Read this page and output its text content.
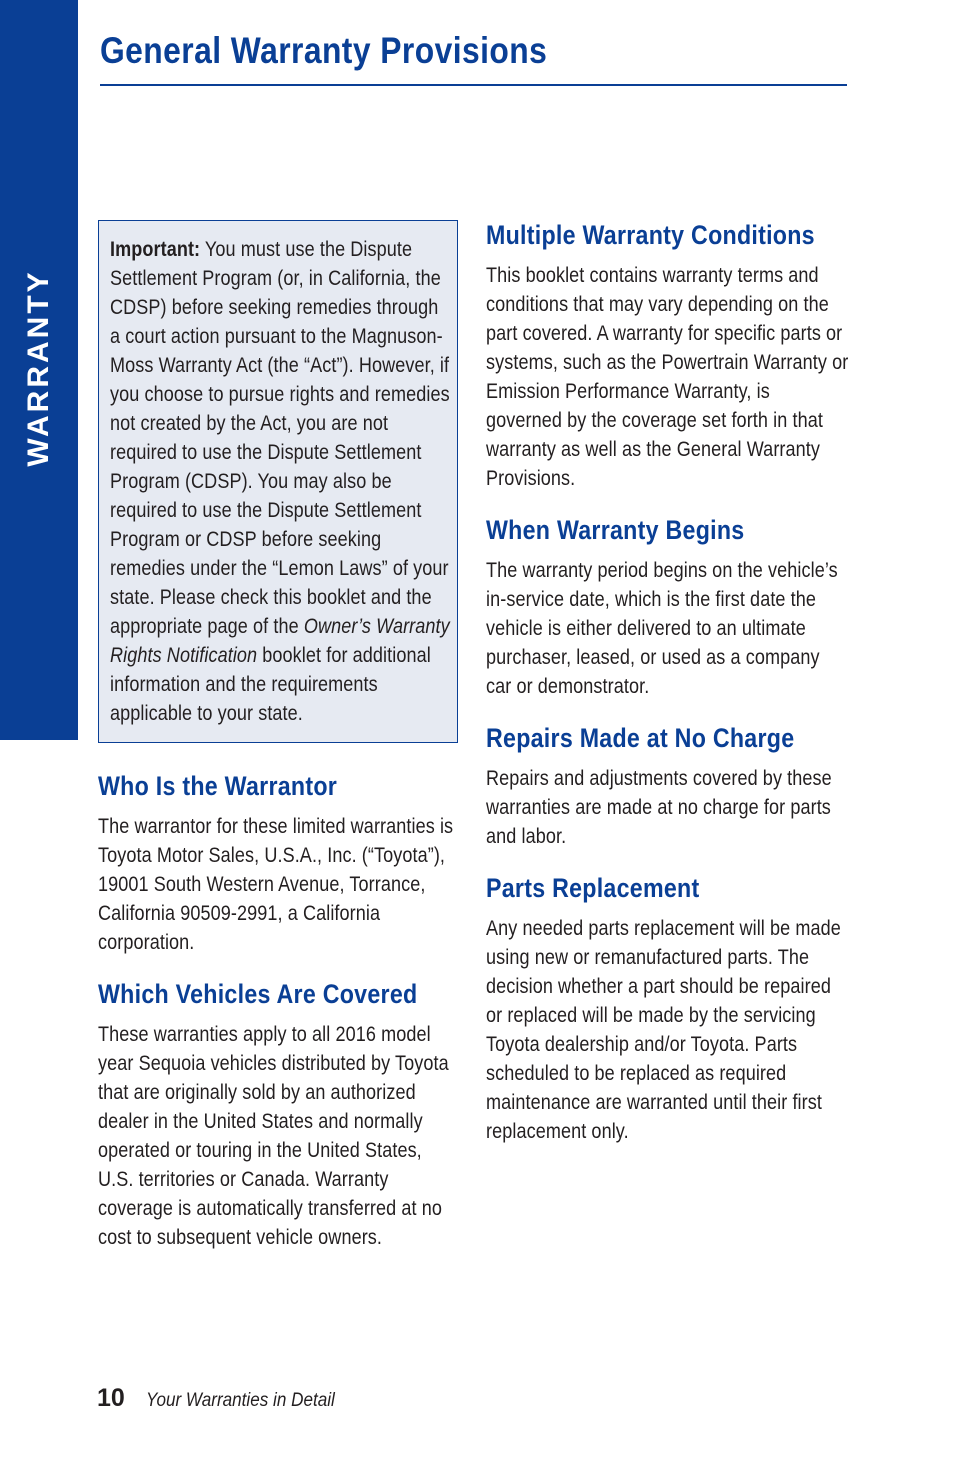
WARRANTY
General Warranty Provisions

Important: You must use the Dispute Settlement Program (or, in California, the CDSP) before seeking remedies through a court action pursuant to the Magnuson-Moss Warranty Act (the “Act”). However, if you choose to pursue rights and remedies not created by the Act, you are not required to use the Dispute Settlement Program (CDSP). You may also be required to use the Dispute Settlement Program or CDSP before seeking remedies under the “Lemon Laws” of your state. Please check this booklet and the appropriate page of the Owner’s Warranty Rights Notification booklet for additional information and the requirements applicable to your state.

Who Is the Warrantor

The warrantor for these limited warranties is Toyota Motor Sales, U.S.A., Inc. (“Toyota”), 19001 South Western Avenue, Torrance, California 90509-2991, a California corporation.

Which Vehicles Are Covered

These warranties apply to all 2016 model year Sequoia vehicles distributed by Toyota that are originally sold by an authorized dealer in the United States and normally operated or touring in the United States, U.S. territories or Canada. Warranty coverage is automatically transferred at no cost to subsequent vehicle owners.

Multiple Warranty Conditions

This booklet contains warranty terms and conditions that may vary depending on the part covered. A warranty for specific parts or systems, such as the Powertrain Warranty or Emission Performance Warranty, is governed by the coverage set forth in that warranty as well as the General Warranty Provisions.

When Warranty Begins

The warranty period begins on the vehicle’s in-service date, which is the first date the vehicle is either delivered to an ultimate purchaser, leased, or used as a company car or demonstrator.

Repairs Made at No Charge

Repairs and adjustments covered by these warranties are made at no charge for parts and labor.

Parts Replacement

Any needed parts replacement will be made using new or remanufactured parts. The decision whether a part should be repaired or replaced will be made by the servicing Toyota dealership and/or Toyota. Parts scheduled to be replaced as required maintenance are warranted until their first replacement only.

10 Your Warranties in Detail
